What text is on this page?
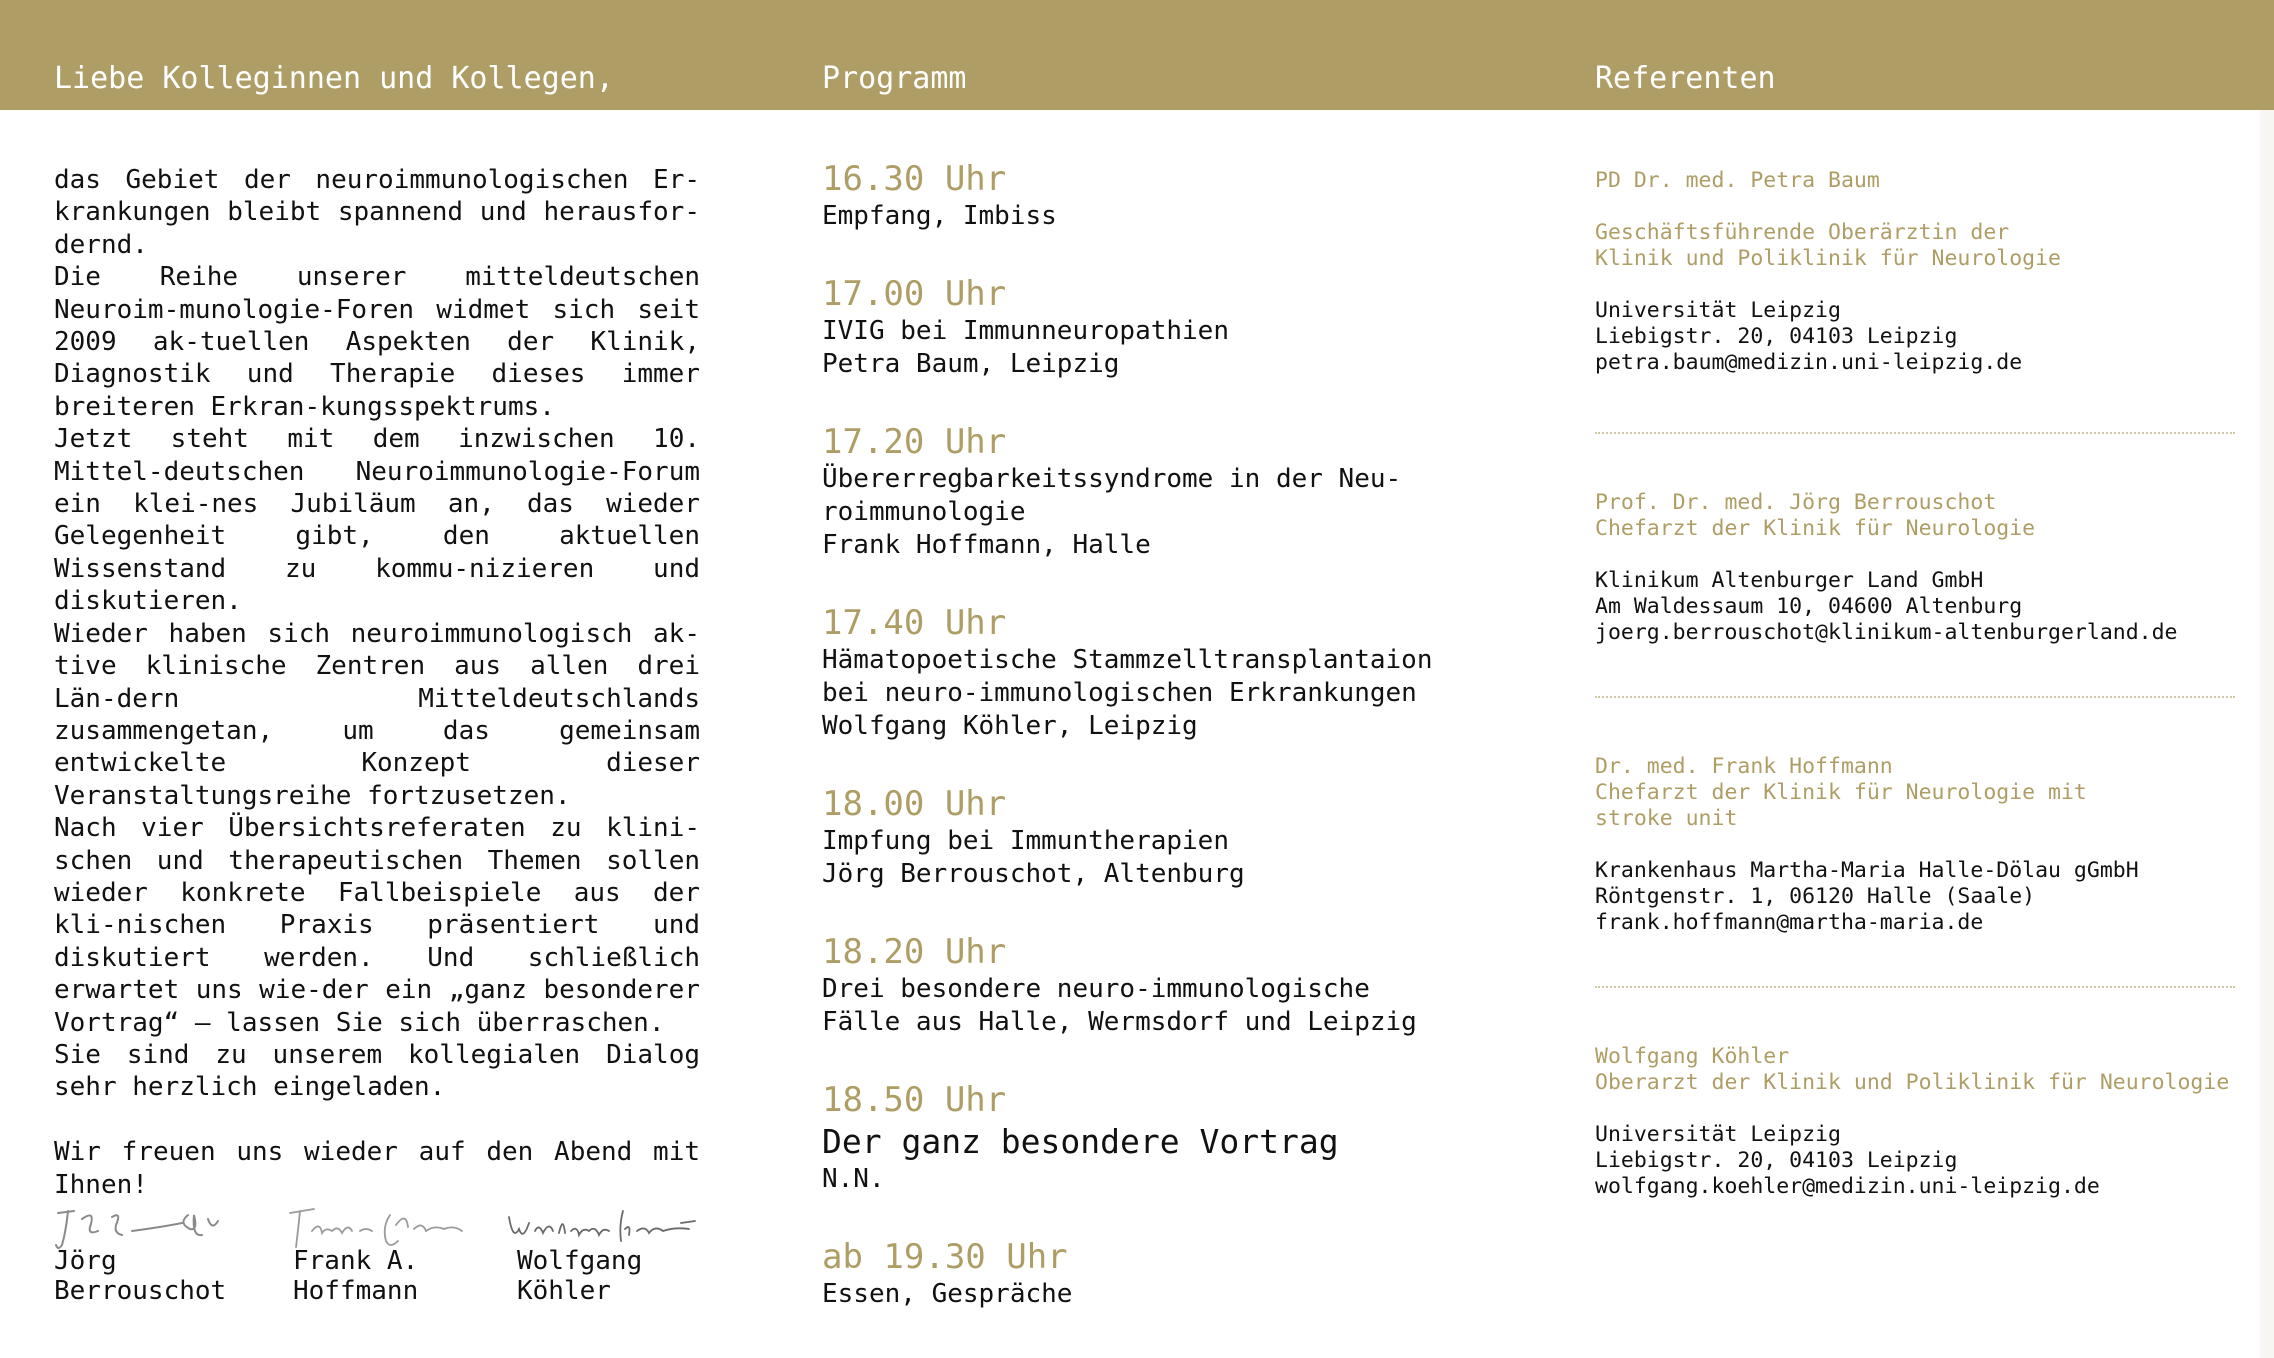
Liebe Kolleginnen und Kollegen,	Programm	Referenten

das Gebiet der neuroimmunologischen Er-krankungen bleibt spannend und herausfor-dernd.

Die Reihe unserer mitteldeutschen Neuroim-munologie-Foren widmet sich seit 2009 ak-tuellen Aspekten der Klinik, Diagnostik und Therapie dieses immer breiteren Erkran-kungsspektrums.

Jetzt steht mit dem inzwischen 10. Mittel-deutschen Neuroimmunologie-Forum ein klei-nes Jubiläum an, das wieder Gelegenheit gibt, den aktuellen Wissenstand zu kommu-nizieren und diskutieren.

Wieder haben sich neuroimmunologisch ak-tive klinische Zentren aus allen drei Län-dern Mitteldeutschlands zusammengetan, um das gemeinsam entwickelte Konzept dieser Veranstaltungsreihe fortzusetzen.

Nach vier Übersichtsreferaten zu klini-schen und therapeutischen Themen sollen wieder konkrete Fallbeispiele aus der kli-nischen Praxis präsentiert und diskutiert werden. Und schließlich erwartet uns wie-der ein „ganz besonderer Vortrag“ – lassen Sie sich überraschen.

Sie sind zu unserem kollegialen Dialog sehr herzlich eingeladen.

Wir freuen uns wieder auf den Abend mit Ihnen!

Jörg
Berrouschot
Frank A.
Hoffmann
Wolfgang
Köhler
16.30 Uhr
Empfang, Imbiss
17.00 Uhr
IVIG bei Immunneuropathien
Petra Baum, Leipzig
17.20 Uhr
Übererregbarkeitssyndrome in der Neu-
roimmunologie
Frank Hoffmann, Halle
17.40 Uhr
Hämatopoetische Stammzelltransplantaion
bei neuro-immunologischen Erkrankungen
Wolfgang Köhler, Leipzig
18.00 Uhr
Impfung bei Immuntherapien
Jörg Berrouschot, Altenburg
18.20 Uhr
Drei besondere neuro-immunologische
Fälle aus Halle, Wermsdorf und Leipzig
18.50 Uhr
Der ganz besondere Vortrag
N.N.
ab 19.30 Uhr
Essen, Gespräche
PD Dr. med. Petra Baum
Geschäftsführende Oberärztin der
Klinik und Poliklinik für Neurologie
Universität Leipzig
Liebigstr. 20, 04103 Leipzig
petra.baum@medizin.uni-leipzig.de
Prof. Dr. med. Jörg Berrouschot
Chefarzt der Klinik für Neurologie
Klinikum Altenburger Land GmbH
Am Waldessaum 10, 04600 Altenburg
joerg.berrouschot@klinikum-altenburgerland.de
Dr. med. Frank Hoffmann
Chefarzt der Klinik für Neurologie mit
stroke unit
Krankenhaus Martha-Maria Halle-Dölau gGmbH
Röntgenstr. 1, 06120 Halle (Saale)
frank.hoffmann@martha-maria.de
Wolfgang Köhler
Oberarzt der Klinik und Poliklinik für Neurologie
Universität Leipzig
Liebigstr. 20, 04103 Leipzig
wolfgang.koehler@medizin.uni-leipzig.de
